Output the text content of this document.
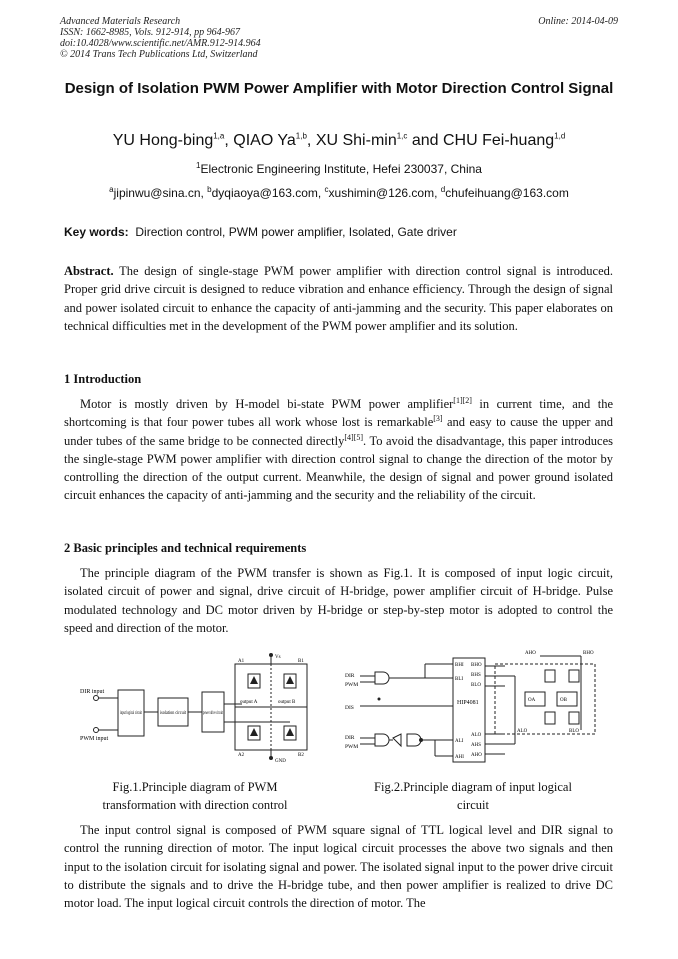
Advanced Materials Research
ISSN: 1662-8985, Vols. 912-914, pp 964-967
doi:10.4028/www.scientific.net/AMR.912-914.964
© 2014 Trans Tech Publications Ltd, Switzerland
Online: 2014-04-09
Design of Isolation PWM Power Amplifier with Motor Direction Control Signal
YU Hong-bing$^{1,a}$, QIAO Ya$^{1,b}$, XU Shi-$\min^{1,c}$ and CHU Fei-huang$^{1,d}$
$^1$Electronic Engineering Institute, Hefei 230037, China
$^a$jipinwu@sina.cn, $^b$dyqiaoya@163.com, $^c$xushimin@126.com, $^d$chufeihuang@163.com
Key words: Direction control, PWM power amplifier, Isolated, Gate driver

Abstract. The design of single-stage PWM power amplifier with direction control signal is introduced. Proper grid drive circuit is designed to reduce vibration and enhance efficiency. Through the design of signal and power isolated circuit to enhance the capacity of anti-jamming and the security. This paper elaborates on technical difficulties met in the development of the PWM power amplifier and its solution.

1 Introduction

Motor is mostly driven by H-model bi-state PWM power amplifier[1][2] in current time, and the shortcoming is that four power tubes all work whose lost is remarkable[3] and easy to cause the upper and under tubes of the same bridge to be connected directly[4][5]. To avoid the disadvantage, this paper introduces the single-stage PWM power amplifier with direction control signal to change the direction of the motor by controlling the direction of the output current. Meanwhile, the design of signal and power ground isolated circuit enhances the capacity of anti-jamming and the security and the reliability of the circuit.

2 Basic principles and technical requirements

The principle diagram of the PWM transfer is shown as Fig.1. It is composed of input logic circuit, isolated circuit of power and signal, drive circuit of H-bridge, power amplifier circuit of H-bridge. Pulse modulated technology and DC motor driven by H-bridge or step-by-step motor is adopted to control the speed and direction of the motor.

DIR input
PWM input
input logical circuit	isolation circuit	power drive circuit
output A	output B
A1	B1
A2	B2
Vs
GND
DIR
PWM
DIS
DIR
PWM
HIP4081
BHI
BLI
ALI
AHI
BHO
BHS
BLO
ALO
AHS
AHO
AHO	BHO
OA	OB
ALO	BLO
Fig.1.Principle diagram of PWM transformation with direction control
Fig.2.Principle diagram of input logical circuit

The input control signal is composed of PWM square signal of TTL logical level and DIR signal to control the running direction of motor. The input logical circuit processes the above two signals and then input to the isolation circuit for isolating signal and power. The isolated signal input to the power drive circuit to distribute the signals and to drive the H-bridge tube, and then power amplifier is realized to drive DC motor load. The input logical circuit controls the direction of motor. The
